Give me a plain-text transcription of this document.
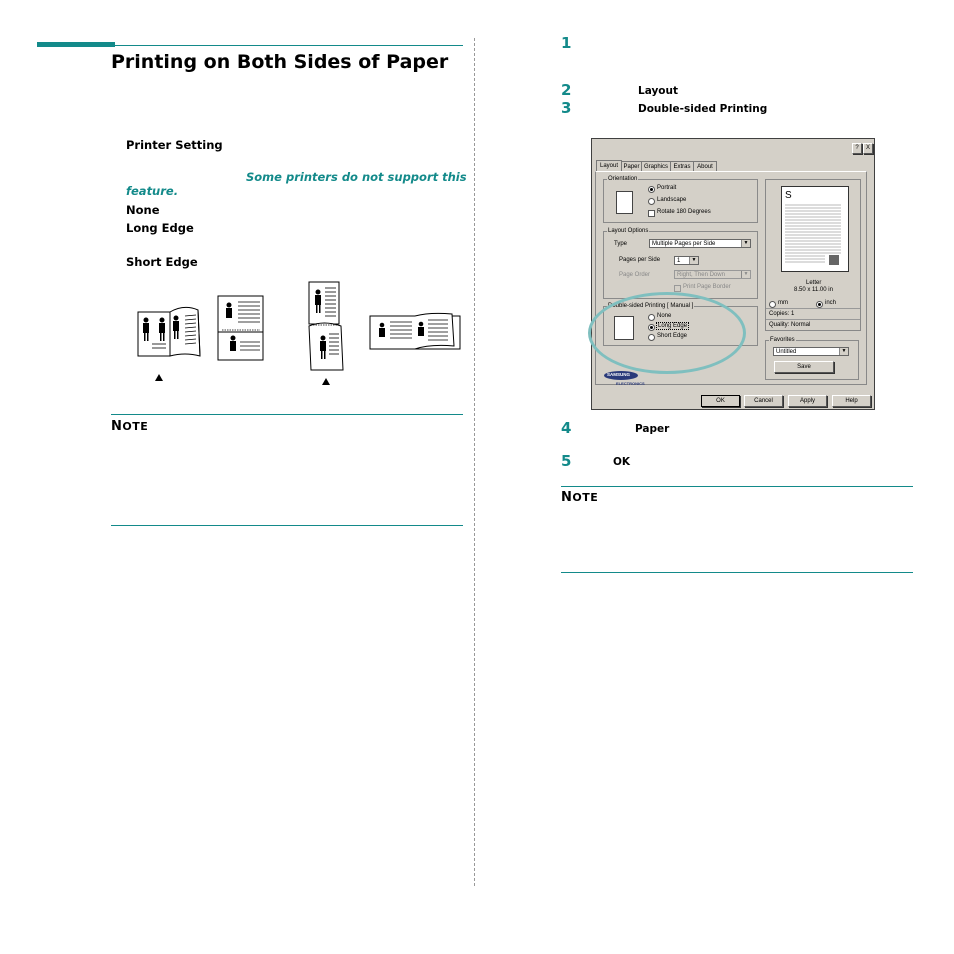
Printing on Both Sides of Paper
Printer Setting
Some printers do not support this
feature.
None
Long Edge
Short Edge
NOTE
1
2	Layout
3	Double-sided Printing
?	X
Layout Paper Graphics Extras	About
Orientation
Portrait
Landscape
Rotate 180 Degrees
Layout Options
Type	Multiple Pages per Side	▼
Pages per Side	1	▼
Page Order	Right, Then Down	▼
Print Page Border
Double-sided Printing [ Manual ]
None
Long Edge
Short Edge
S
Letter
8.50 x 11.00 in
mm	inch
Copies: 1
Quality: Normal
Favorites
Untitled	▼
Save
SAMSUNG
ELECTRONICS
OK	Cancel	Apply	Help
4	Paper
5	OK
NOTE
